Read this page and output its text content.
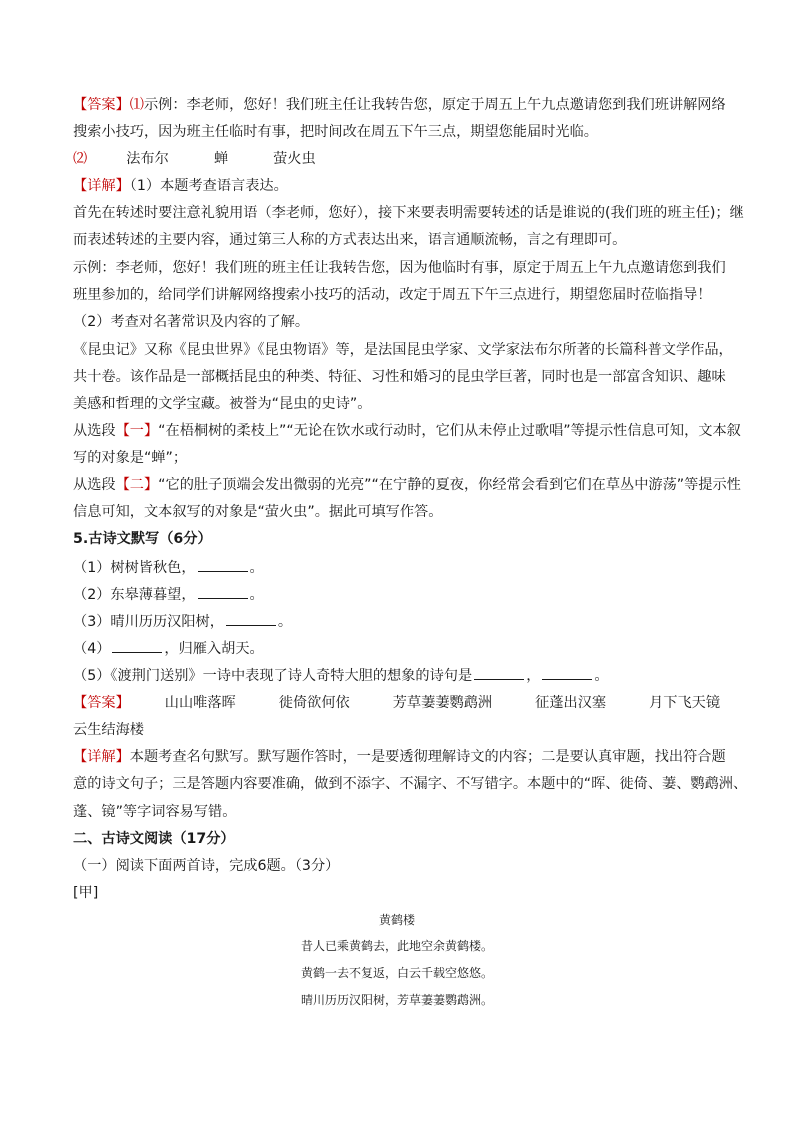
【答案】⑴示例：李老师，您好！我们班主任让我转告您，原定于周五上午九点邀请您到我们班讲解网络
搜索小技巧，因为班主任临时有事，把时间改在周五下午三点，期望您能届时光临。
⑵	法布尔	蝉	萤火虫
【详解】（1）本题考查语言表达。
首先在转述时要注意礼貌用语（李老师，您好），接下来要表明需要转述的话是谁说的(我们班的班主任)；继
而表述转述的主要内容，通过第三人称的方式表达出来，语言通顺流畅，言之有理即可。
示例：李老师，您好！我们班的班主任让我转告您，因为他临时有事，原定于周五上午九点邀请您到我们
班里参加的，给同学们讲解网络搜索小技巧的活动，改定于周五下午三点进行，期望您届时莅临指导！
（2）考查对名著常识及内容的了解。
《昆虫记》又称《昆虫世界》《昆虫物语》等，是法国昆虫学家、文学家法布尔所著的长篇科普文学作品，
共十卷。该作品是一部概括昆虫的种类、特征、习性和婚习的昆虫学巨著，同时也是一部富含知识、趣味
美感和哲理的文学宝藏。被誉为“昆虫的史诗”。
从选段【一】“在梧桐树的柔枝上”“无论在饮水或行动时，它们从未停止过歌唱”等提示性信息可知，文本叙
写的对象是“蝉”；
从选段【二】“它的肚子顶端会发出微弱的光亮”“在宁静的夏夜，你经常会看到它们在草丛中游荡”等提示性
信息可知，文本叙写的对象是“萤火虫”。据此可填写作答。
5.古诗文默写（6分）
（1）树树皆秋色，	。
（2）东皋薄暮望，	。
（3）晴川历历汉阳树，	。
（4）	，归雁入胡天。
（5）《渡荆门送别》一诗中表现了诗人奇特大胆的想象的诗句是	，	。
【答案】 山山唯落晖	徙倚欲何依	芳草萋萋鹦鹉洲	征蓬出汉塞	月下飞天镜
云生结海楼
【详解】本题考查名句默写。默写题作答时，一是要透彻理解诗文的内容；二是要认真审题，找出符合题
意的诗文句子；三是答题内容要准确，做到不添字、不漏字、不写错字。本题中的“晖、徙倚、萋、鹦鹉洲、
蓬、镜”等字词容易写错。
二、古诗文阅读（17分）
（一）阅读下面两首诗，完成6题。（3分）
[甲]
黄鹤楼
昔人已乘黄鹤去，此地空余黄鹤楼。
黄鹤一去不复返，白云千载空悠悠。
晴川历历汉阳树，芳草萋萋鹦鹉洲。
